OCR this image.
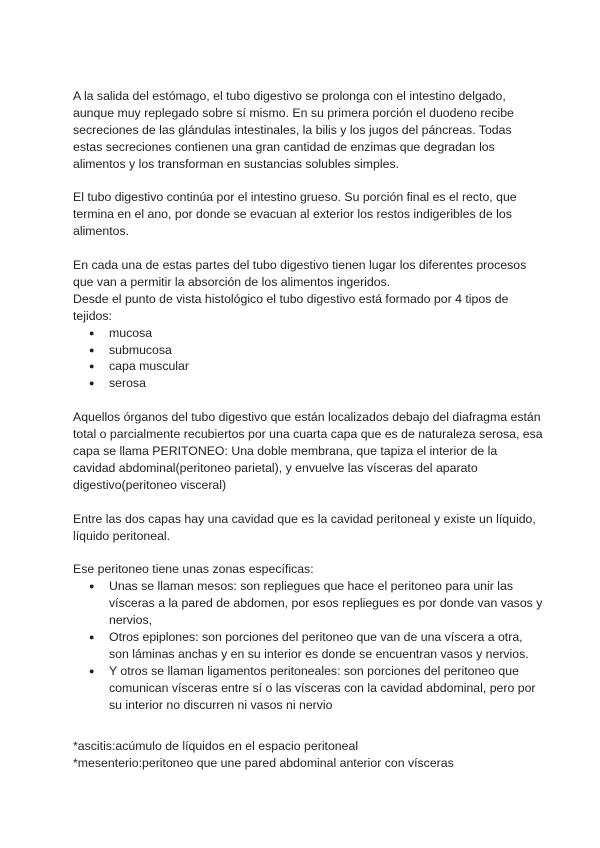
A la salida del estómago, el tubo digestivo se prolonga con el intestino delgado, aunque muy replegado sobre sí mismo. En su primera porción el duodeno recibe secreciones de las glándulas intestinales, la bilis y los jugos del páncreas. Todas estas secreciones contienen una gran cantidad de enzimas que degradan los alimentos y los transforman en sustancias solubles simples.

El tubo digestivo continúa por el intestino grueso. Su porción final es el recto, que termina en el ano, por donde se evacuan al exterior los restos indigeribles de los alimentos.

En cada una de estas partes del tubo digestivo tienen lugar los diferentes procesos que van a permitir la absorción de los alimentos ingeridos.

Desde el punto de vista histológico el tubo digestivo está formado por 4 tipos de tejidos:

● mucosa
● submucosa
● capa muscular
● serosa

Aquellos órganos del tubo digestivo que están localizados debajo del diafragma están total o parcialmente recubiertos por una cuarta capa que es de naturaleza serosa, esa capa se llama PERITONEO: Una doble membrana, que tapiza el interior de la cavidad abdominal(peritoneo parietal), y envuelve las vísceras del aparato digestivo(peritoneo visceral)

Entre las dos capas hay una cavidad que es la cavidad peritoneal y existe un líquido, líquido peritoneal.

Ese peritoneo tiene unas zonas específicas:

● Unas se llaman mesos: son repliegues que hace el peritoneo para unir las vísceras a la pared de abdomen, por esos repliegues es por donde van vasos y nervios,
● Otros epiplones: son porciones del peritoneo que van de una víscera a otra, son láminas anchas y en su interior es donde se encuentran vasos y nervios.
● Y otros se llaman ligamentos peritoneales: son porciones del peritoneo que comunican vísceras entre sí o las vísceras con la cavidad abdominal, pero por su interior no discurren ni vasos ni nervio

*ascitis:acúmulo de líquidos en el espacio peritoneal

*mesenterio:peritoneo que une pared abdominal anterior con vísceras
